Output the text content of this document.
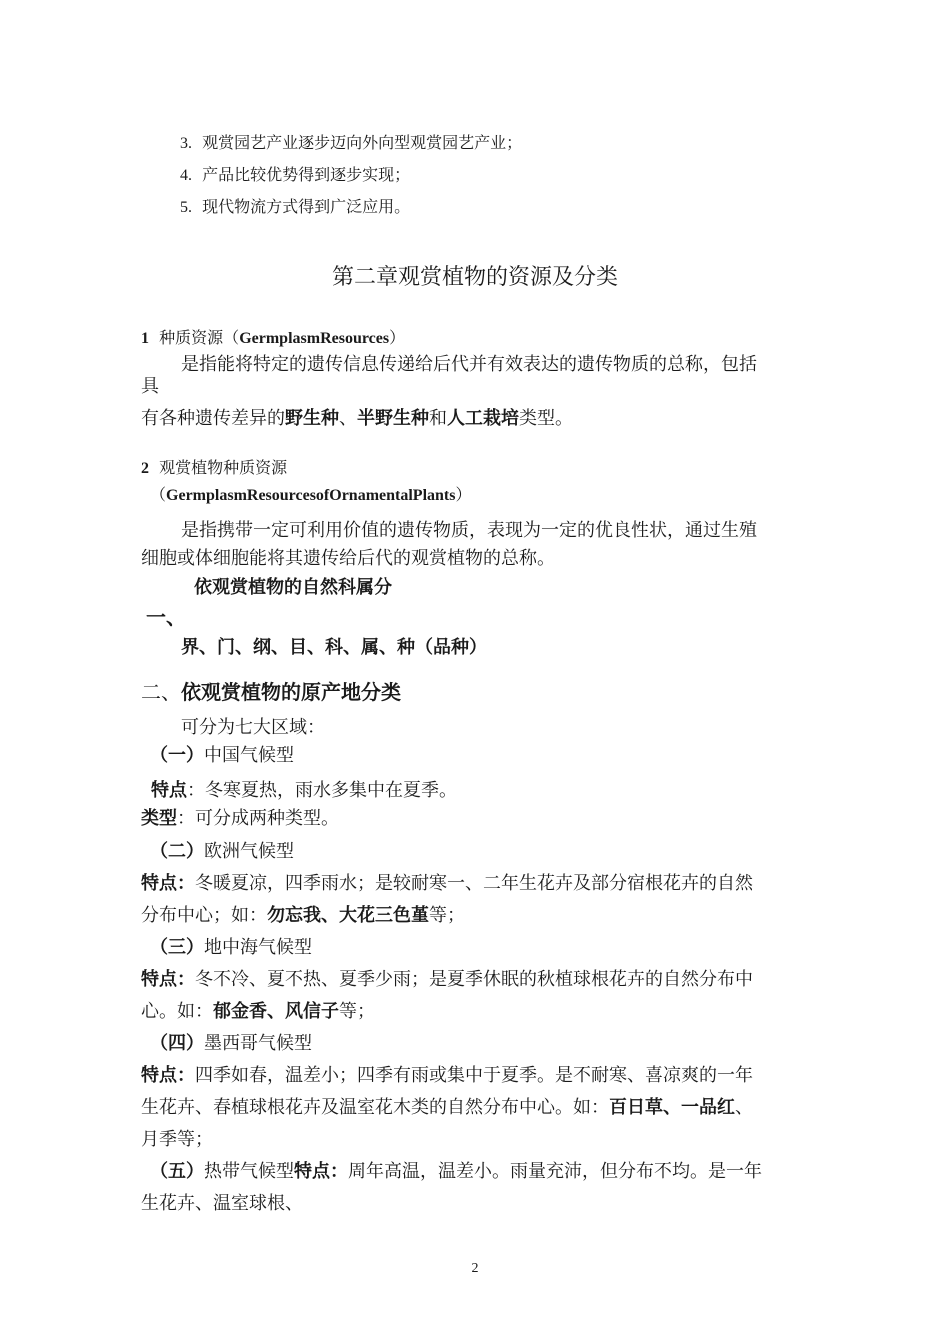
3. 观赏园艺产业逐步迈向外向型观赏园艺产业；
4. 产品比较优势得到逐步实现；
5. 现代物流方式得到广泛应用。
第二章观赏植物的资源及分类
1 种质资源（GermplasmResources）
是指能将特定的遗传信息传递给后代并有效表达的遗传物质的总称，包括
具
有各种遗传差异的野生种、半野生种和人工栽培类型。
2 观赏植物种质资源
（GermplasmResourcesofOrnamentalPlants）
是指携带一定可利用价值的遗传物质，表现为一定的优良性状，通过生殖
细胞或体细胞能将其遗传给后代的观赏植物的总称。
依观赏植物的自然科属分
一、
界、门、纲、目、科、属、种（品种）
二、依观赏植物的原产地分类
可分为七大区域：
（一）中国气候型
特点：冬寒夏热，雨水多集中在夏季。
类型：可分成两种类型。
（二）欧洲气候型
特点：冬暖夏凉，四季雨水；是较耐寒一、二年生花卉及部分宿根花卉的自然
分布中心；如：勿忘我、大花三色堇等；
（三）地中海气候型
特点：冬不冷、夏不热、夏季少雨；是夏季休眠的秋植球根花卉的自然分布中
心。如：郁金香、风信子等；
（四）墨西哥气候型
特点：四季如春，温差小；四季有雨或集中于夏季。是不耐寒、喜凉爽的一年
生花卉、春植球根花卉及温室花木类的自然分布中心。如：百日草、一品红、
月季等；
（五）热带气候型特点：周年高温，温差小。雨量充沛，但分布不均。是一年
生花卉、温室球根、
2
